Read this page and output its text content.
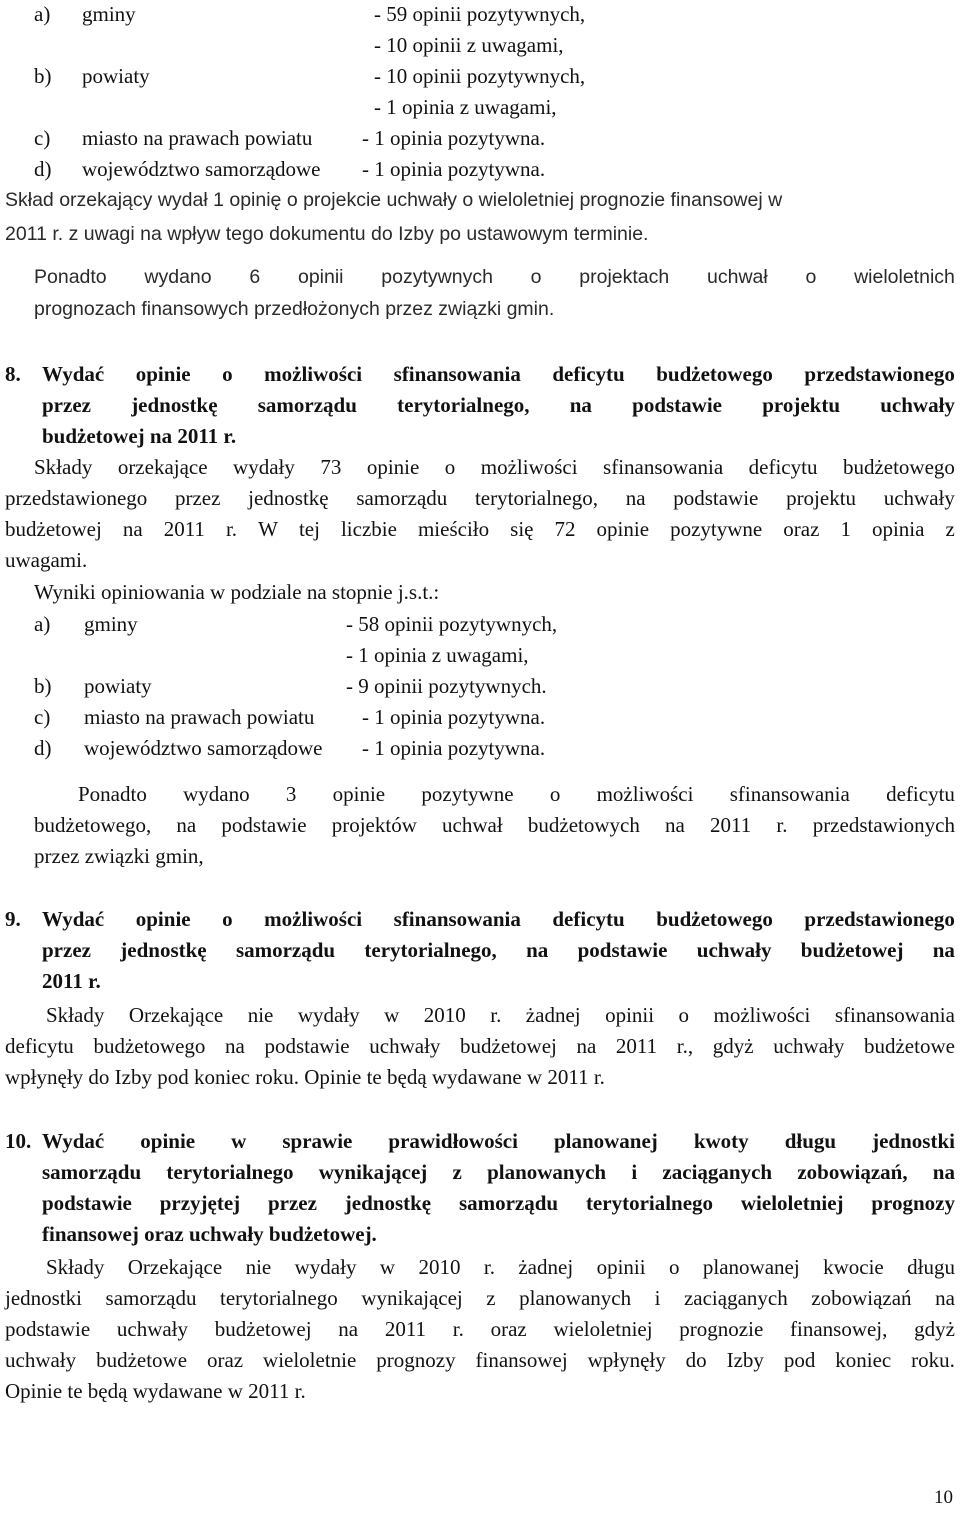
a) gminy	- 59 opinii pozytywnych,
- 10 opinii z uwagami,
b) powiaty	- 10 opinii pozytywnych,
- 1 opinia z uwagami,
c) miasto na prawach powiatu - 1 opinia pozytywna.
d) województwo samorządowe - 1 opinia pozytywna.
Skład orzekający wydał 1 opinię o projekcie uchwały o wieloletniej prognozie finansowej w
2011 r. z uwagi na wpływ tego dokumentu do Izby po ustawowym terminie.
Ponadto wydano 6 opinii pozytywnych o projektach uchwał o wieloletnich
prognozach finansowych przedłożonych przez związki gmin.
8. Wydać opinie o możliwości sfinansowania deficytu budżetowego przedstawionego
przez jednostkę samorządu terytorialnego, na podstawie projektu uchwały
budżetowej na 2011 r.
Składy orzekające wydały 73 opinie o możliwości sfinansowania deficytu budżetowego
przedstawionego przez jednostkę samorządu terytorialnego, na podstawie projektu uchwały
budżetowej na 2011 r. W tej liczbie mieściło się 72 opinie pozytywne oraz 1 opinia z
uwagami.
Wyniki opiniowania w podziale na stopnie j.s.t.:
a) gminy	- 58 opinii pozytywnych,
- 1 opinia z uwagami,
b) powiaty	- 9 opinii pozytywnych.
c) miasto na prawach powiatu - 1 opinia pozytywna.
d) województwo samorządowe - 1 opinia pozytywna.
Ponadto wydano 3 opinie pozytywne o możliwości sfinansowania deficytu
budżetowego, na podstawie projektów uchwał budżetowych na 2011 r. przedstawionych
przez związki gmin,
9. Wydać opinie o możliwości sfinansowania deficytu budżetowego przedstawionego
przez jednostkę samorządu terytorialnego, na podstawie uchwały budżetowej na
2011 r.
Składy Orzekające nie wydały w 2010 r. żadnej opinii o możliwości sfinansowania
deficytu budżetowego na podstawie uchwały budżetowej na 2011 r., gdyż uchwały budżetowe
wpłynęły do Izby pod koniec roku. Opinie te będą wydawane w 2011 r.
10. Wydać opinie w sprawie prawidłowości planowanej kwoty długu jednostki
samorządu terytorialnego wynikającej z planowanych i zaciąganych zobowiązań, na
podstawie przyjętej przez jednostkę samorządu terytorialnego wieloletniej prognozy
finansowej oraz uchwały budżetowej.
Składy Orzekające nie wydały w 2010 r. żadnej opinii o planowanej kwocie długu
jednostki samorządu terytorialnego wynikającej z planowanych i zaciąganych zobowiązań na
podstawie uchwały budżetowej na 2011 r. oraz wieloletniej prognozie finansowej, gdyż
uchwały budżetowe oraz wieloletnie prognozy finansowej wpłynęły do Izby pod koniec roku.
Opinie te będą wydawane w 2011 r.
10
